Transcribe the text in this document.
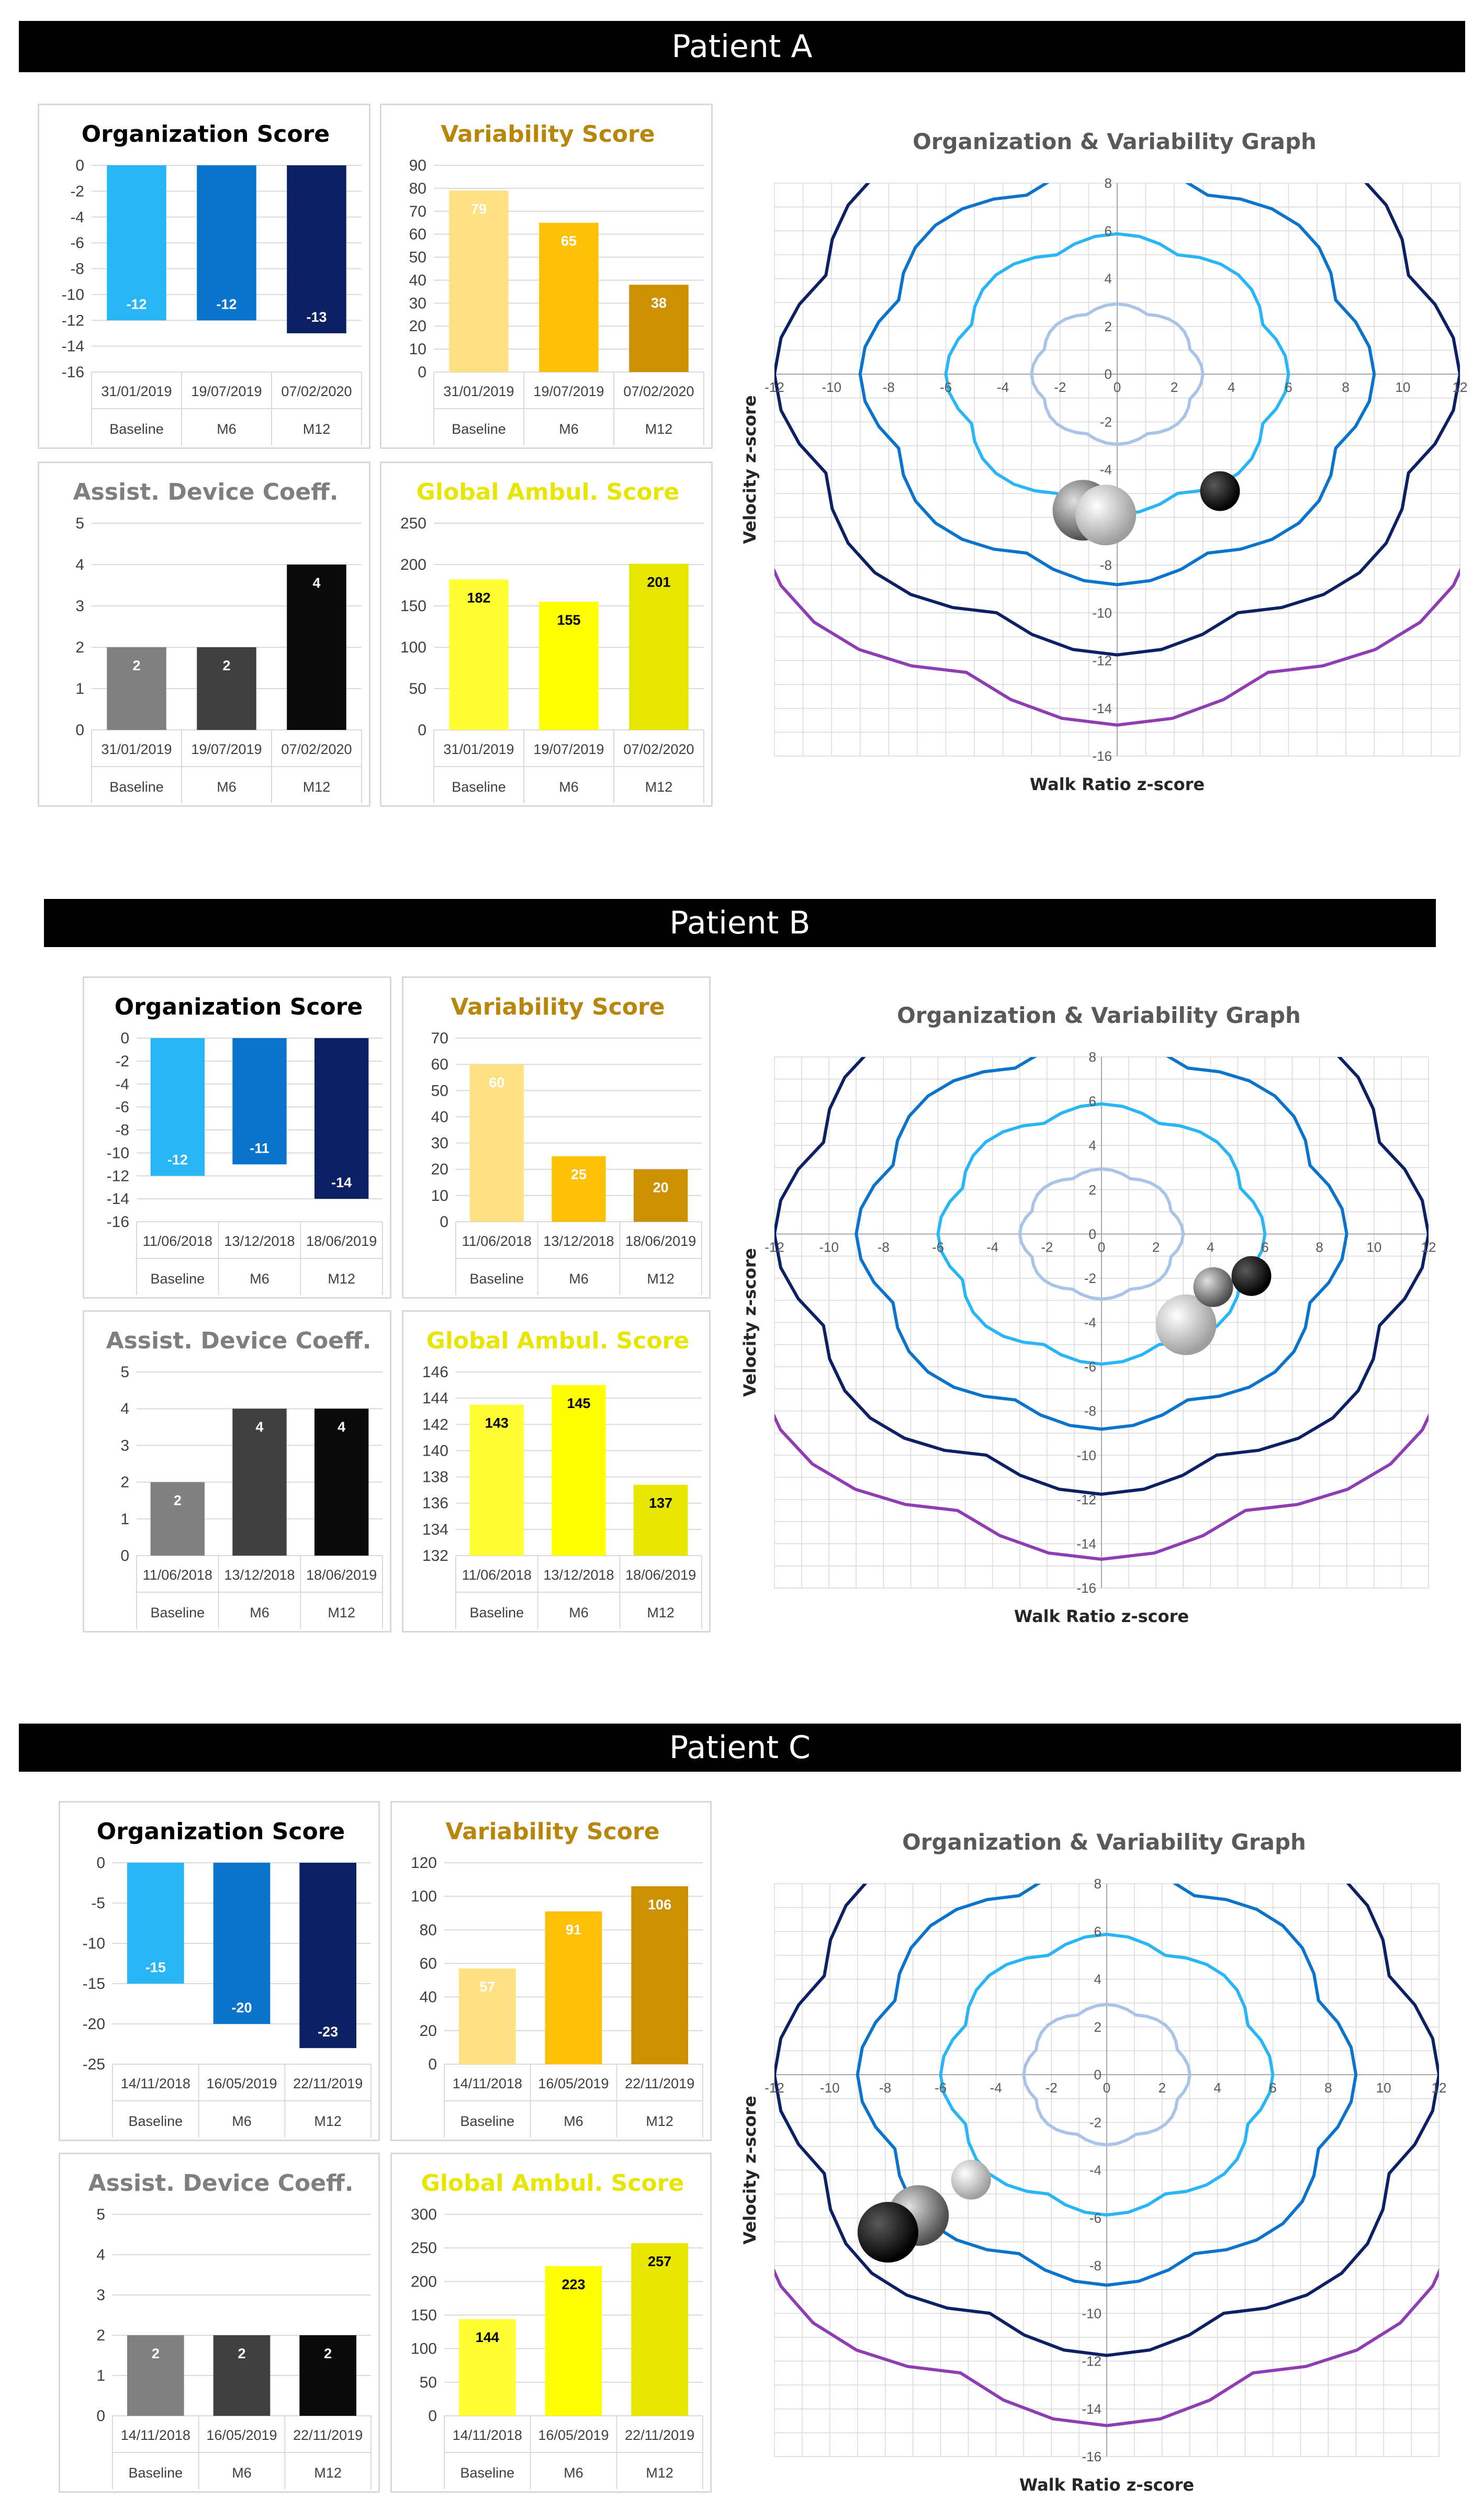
Patient A
Patient B
Patient C
Organization Score
0
-2
-4
-6
-8
-10
-12
-14
-16
-12
31/01/2019
Baseline
-12
19/07/2019
M6
-13
07/02/2020
M12
Variability Score
0
10
20
30
40
50
60
70
80
90
79
31/01/2019
Baseline
65
19/07/2019
M6
38
07/02/2020
M12
Assist. Device Coeff.
0
1
2
3
4
5
2
31/01/2019
Baseline
2
19/07/2019
M6
4
07/02/2020
M12
Global Ambul. Score
0
50
100
150
200
250
182
31/01/2019
Baseline
155
19/07/2019
M6
201
07/02/2020
M12
Organization & Variability Graph
-12	-10	-8	-6	-4	-2	0	2	4	6	8	10	12
8
6
4
2
0
-2
-4
-8
-10
-12
-14
-16
Walk Ratio z-score
Velocity z-score
Organization Score
0
-2
-4
-6
-8
-10
-12
-14
-16
-12
11/06/2018
Baseline
-11
13/12/2018
M6
-14
18/06/2019
M12
Variability Score
0
10
20
30
40
50
60
70
60
11/06/2018
Baseline
25
13/12/2018
M6
20
18/06/2019
M12
Assist. Device Coeff.
0
1
2
3
4
5
2
11/06/2018
Baseline
4
13/12/2018
M6
4
18/06/2019
M12
Global Ambul. Score
132
134
136
138
140
142
144
146
143
11/06/2018
Baseline
145
13/12/2018
M6
137
18/06/2019
M12
Organization & Variability Graph
-12	-10	-8	-6	-4	-2	0	2	4	6	8	10	12
8
6
4
2
0
-2
-4
-6
-8
-10
-12
-14
-16
Walk Ratio z-score
Velocity z-score
Organization Score
0
-5
-10
-15
-20
-25
-15
14/11/2018
Baseline
-20
16/05/2019
M6
-23
22/11/2019
M12
Variability Score
0
20
40
60
80
100
120
57
14/11/2018
Baseline
91
16/05/2019
M6
106
22/11/2019
M12
Assist. Device Coeff.
0
1
2
3
4
5
2
14/11/2018
Baseline
2
16/05/2019
M6
2
22/11/2019
M12
Global Ambul. Score
0
50
100
150
200
250
300
144
14/11/2018
Baseline
223
16/05/2019
M6
257
22/11/2019
M12
Organization & Variability Graph
-12	-10	-8	-6	-4	-2	0	2	4	6	8	10	12
8
6
4
2
0
-2
-4
-6
-8
-10
-12
-14
-16
Walk Ratio z-score
Velocity z-score
